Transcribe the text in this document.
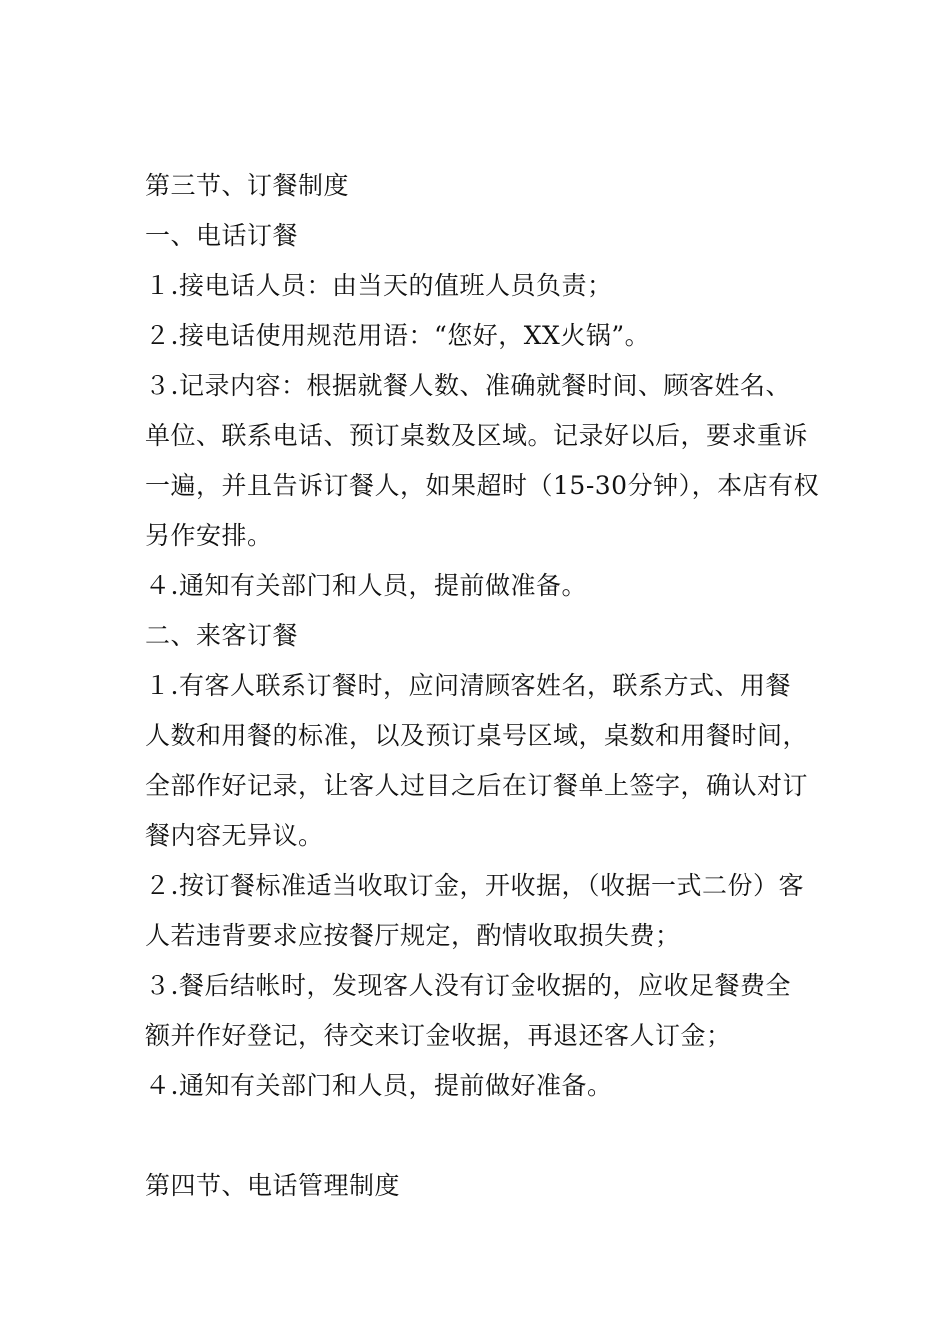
第三节、订餐制度
一、电话订餐
１.接电话人员：由当天的值班人员负责；
２.接电话使用规范用语：“您好，XX火锅”。
３.记录内容：根据就餐人数、准确就餐时间、顾客姓名、
单位、联系电话、预订桌数及区域。记录好以后，要求重诉
一遍，并且告诉订餐人，如果超时（15-30分钟），本店有权
另作安排。
４.通知有关部门和人员，提前做准备。
二、来客订餐
１.有客人联系订餐时，应问清顾客姓名，联系方式、用餐
人数和用餐的标准，以及预订桌号区域，桌数和用餐时间，
全部作好记录，让客人过目之后在订餐单上签字，确认对订
餐内容无异议。
２.按订餐标准适当收取订金，开收据，（收据一式二份）客
人若违背要求应按餐厅规定，酌情收取损失费；
３.餐后结帐时，发现客人没有订金收据的，应收足餐费全
额并作好登记，待交来订金收据，再退还客人订金；
４.通知有关部门和人员，提前做好准备。
第四节、电话管理制度
